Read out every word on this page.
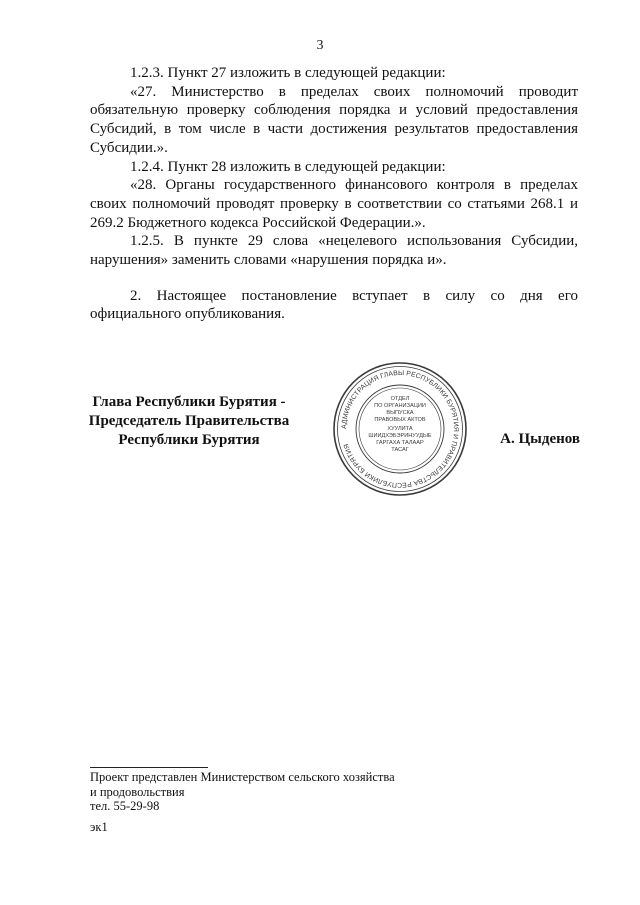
3

1.2.3. Пункт 27 изложить в следующей редакции:

«27. Министерство в пределах своих полномочий проводит обязательную проверку соблюдения порядка и условий предоставления Субсидий, в том числе в части достижения результатов предоставления Субсидии.».

1.2.4. Пункт 28 изложить в следующей редакции:

«28. Органы государственного финансового контроля в пределах своих полномочий проводят проверку в соответствии со статьями 268.1 и 269.2 Бюджетного кодекса Российской Федерации.».

1.2.5. В пункте 29 слова «нецелевого использования Субсидии, нарушения» заменить словами «нарушения порядка и».

2. Настоящее постановление вступает в силу со дня его официального опубликования.

Глава Республики Бурятия -
Председатель Правительства
Республики Бурятия
АДМИНИСТРАЦИЯ ГЛАВЫ РЕСПУБЛИКИ БУРЯТИЯ И ПРАВИТЕЛЬСТВА РЕСПУБЛИКИ БУРЯТИЯ
ОТДЕЛ
ПО ОРГАНИЗАЦИИ
ВЫПУСКА
ПРАВОВЫХ АКТОВ
ХУУЛИТА
ШИИДХЭБЭРИНУУДЫЕ
ГАРГАХА ТАЛААР
ТАСАГ
А. Цыденов
Проект представлен Министерством сельского хозяйства
и продовольствия
тел. 55-29-98
эк1
